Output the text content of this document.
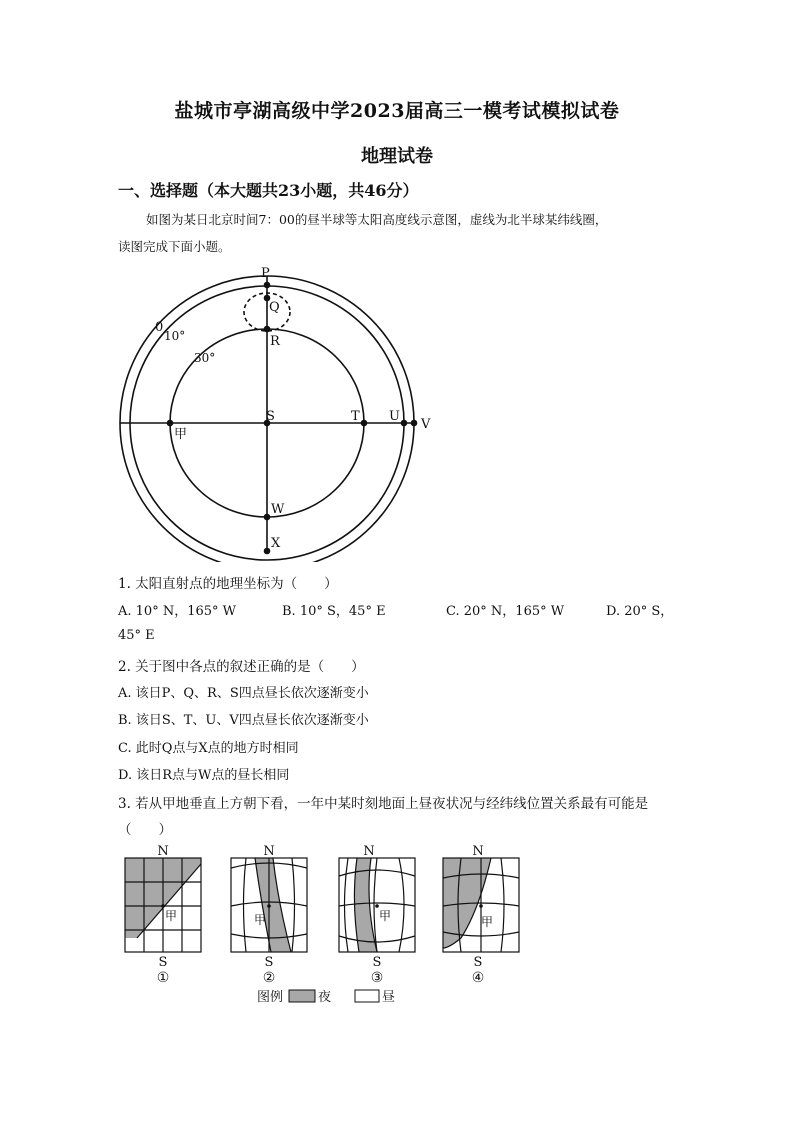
盐城市亭湖高级中学2023届高三一模考试模拟试卷
地理试卷
一、选择题（本大题共23小题，共46分）
如图为某日北京时间7：00的昼半球等太阳高度线示意图，虚线为北半球某纬线圈，
读图完成下面小题。
P
Q
R
S	T U
V
W
X
甲
0
10°
30°
1. 太阳直射点的地理坐标为（　　）
A. 10° N，165° W	B. 10° S，45° E	C. 20° N，165° W	D. 20° S，
45° E
2. 关于图中各点的叙述正确的是（　　）
A. 该日P、Q、R、S四点昼长依次逐渐变小
B. 该日S、T、U、V四点昼长依次逐渐变小
C. 此时Q点与X点的地方时相同
D. 该日R点与W点的昼长相同
3. 若从甲地垂直上方朝下看，一年中某时刻地面上昼夜状况与经纬线位置关系最有可能是
（　　）
N	N	N	N
S	S	S	S
①	②	③	④
甲	甲	甲	甲
图例	夜	昼
